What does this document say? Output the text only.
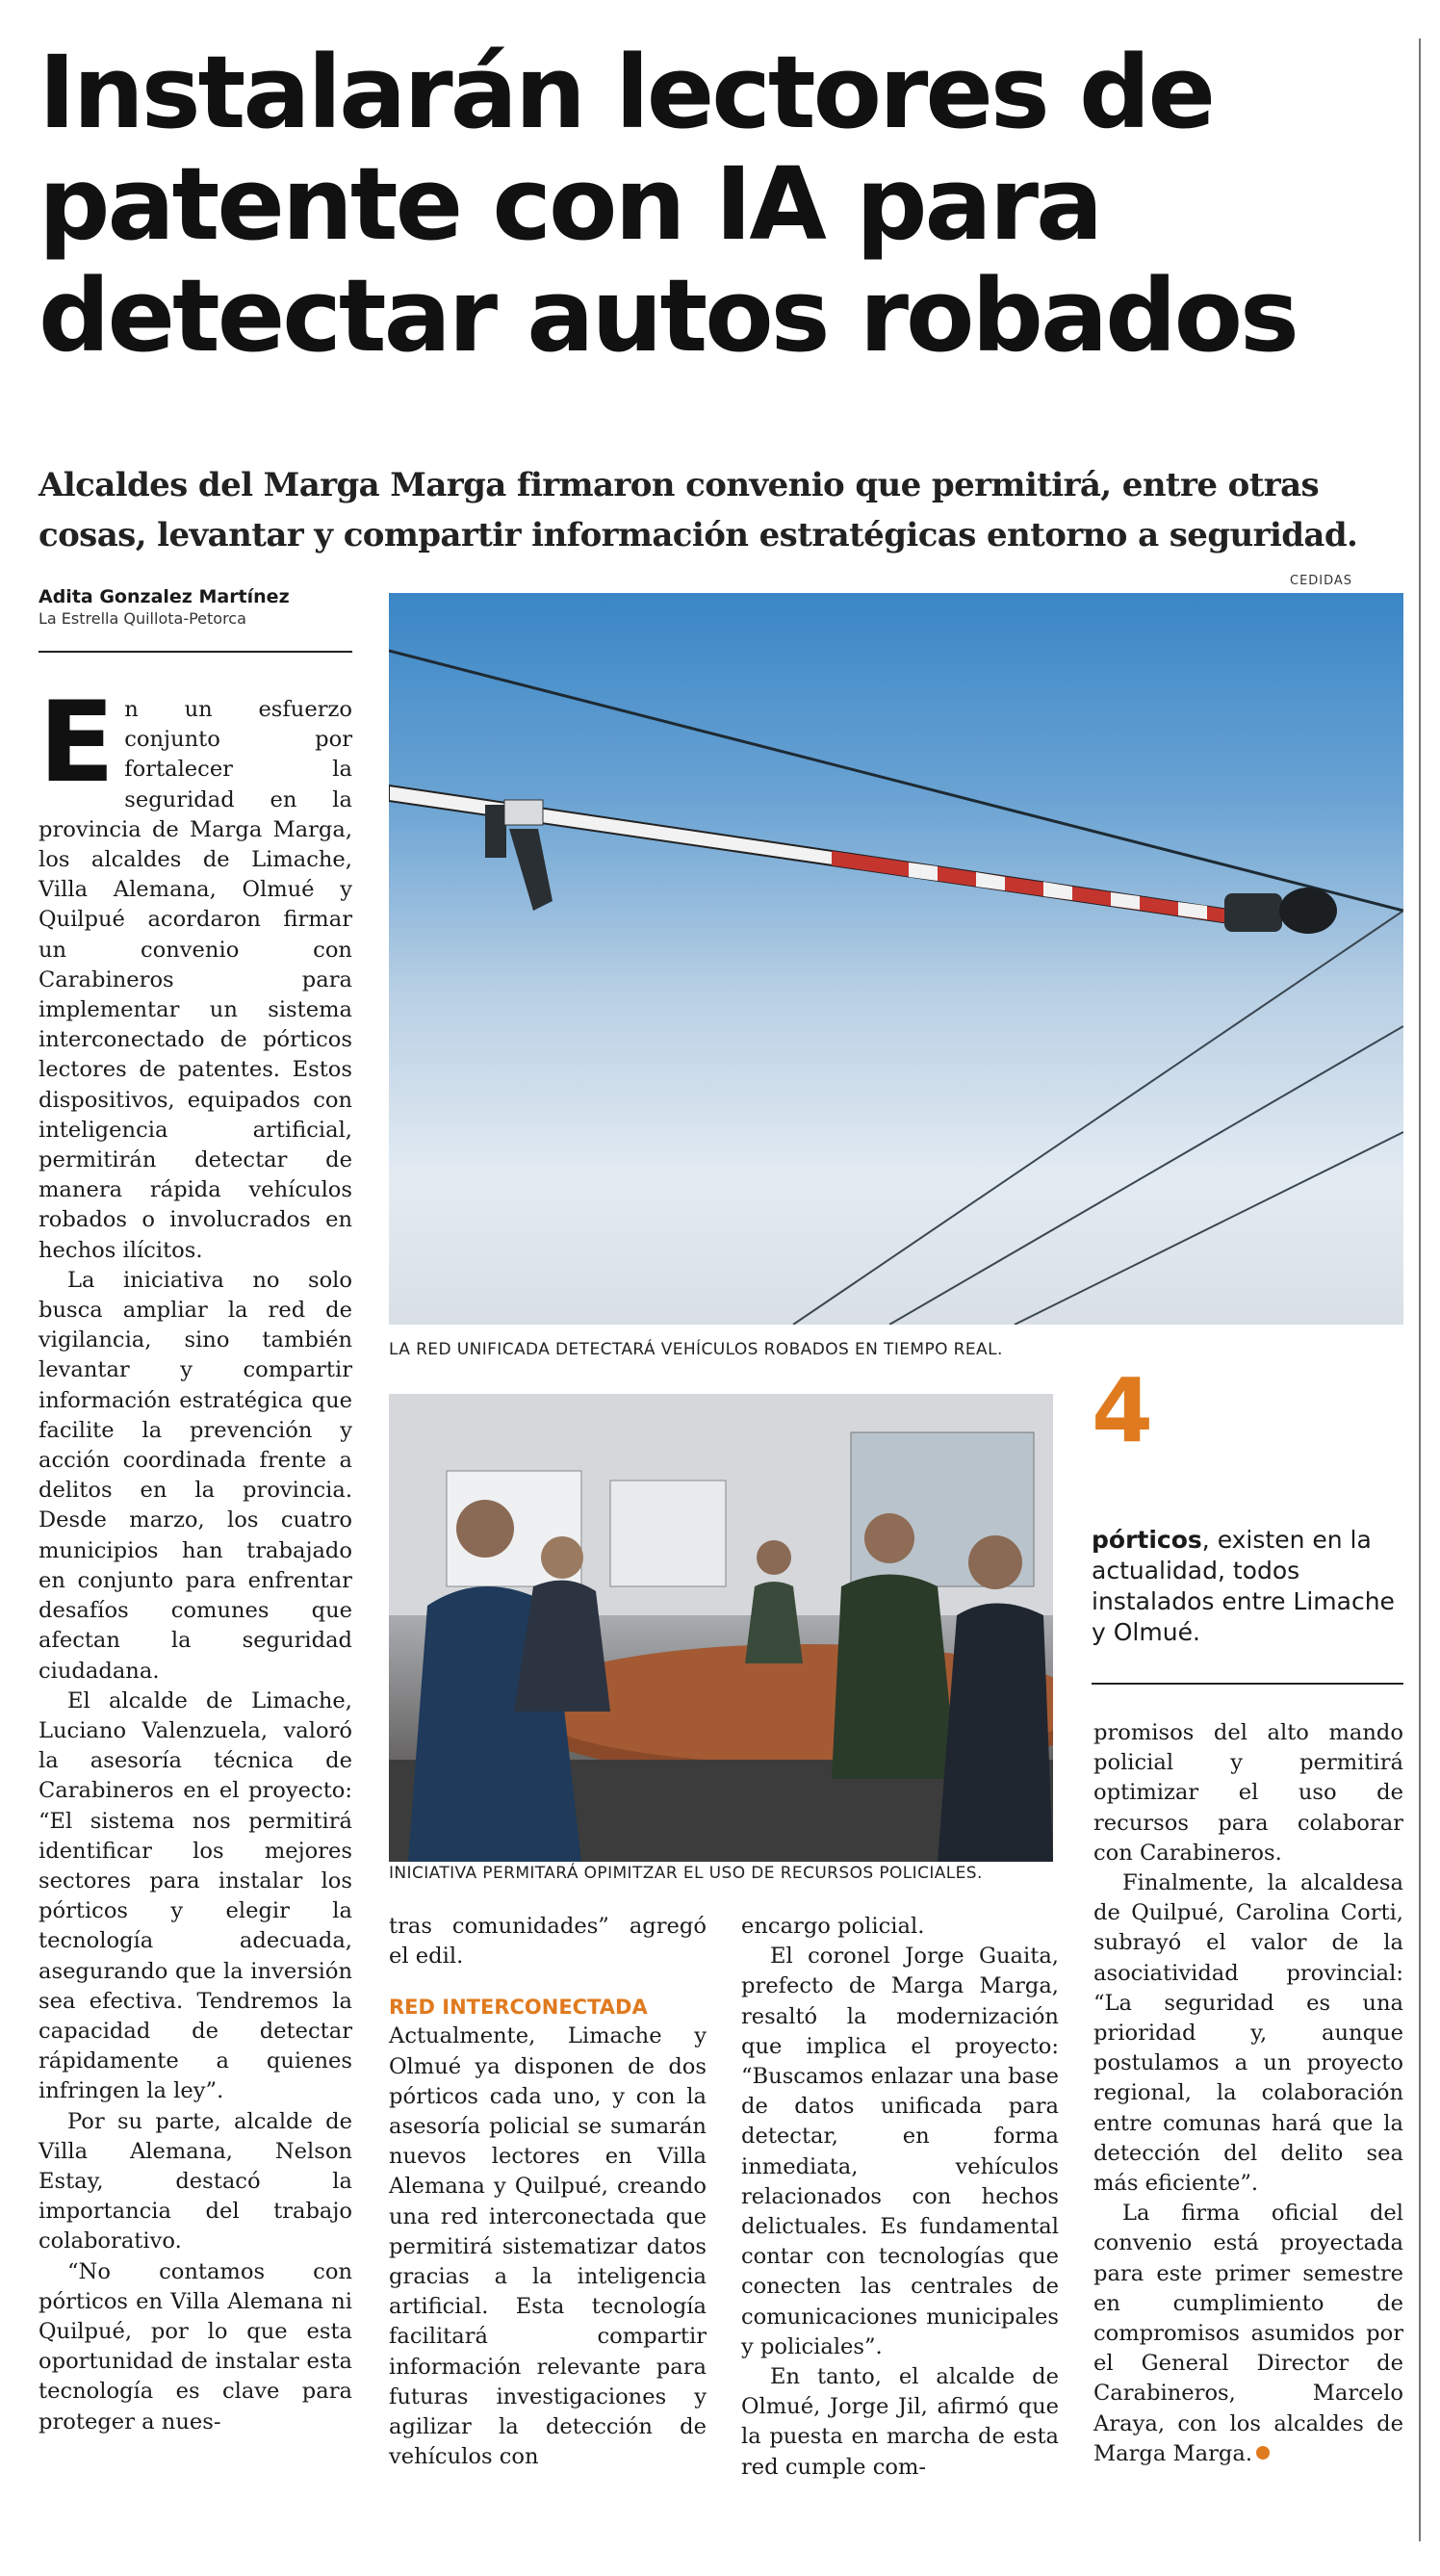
Instalarán lectores de patente con IA para detectar autos robados
Alcaldes del Marga Marga firmaron convenio que permitirá, entre otras cosas, levantar y compartir información estratégicas entorno a seguridad.
Adita Gonzalez Martínez
La Estrella Quillota-Petorca
CEDIDAS
LA RED UNIFICADA DETECTARÁ VEHÍCULOS ROBADOS EN TIEMPO REAL.
INICIATIVA PERMITARÁ OPIMITZAR EL USO DE RECURSOS POLICIALES.
4
pórticos, existen en la actualidad, todos instalados entre Limache y Olmué.

En un esfuerzo conjunto por fortalecer la seguridad en la provincia de Marga Marga, los alcaldes de Limache, Villa Alemana, Olmué y Quilpué acordaron firmar un convenio con Carabineros para implementar un sistema interconectado de pórticos lectores de patentes. Estos dispositivos, equipados con inteligencia artificial, permitirán detectar de manera rápida vehículos robados o involucrados en hechos ilícitos.

La iniciativa no solo busca ampliar la red de vigilancia, sino también levantar y compartir información estratégica que facilite la prevención y acción coordinada frente a delitos en la provincia. Desde marzo, los cuatro municipios han trabajado en conjunto para enfrentar desafíos comunes que afectan la seguridad ciudadana.

El alcalde de Limache, Luciano Valenzuela, valoró la asesoría técnica de Carabineros en el proyecto: “El sistema nos permitirá identificar los mejores sectores para instalar los pórticos y elegir la tecnología adecuada, asegurando que la inversión sea efectiva. Tendremos la capacidad de detectar rápidamente a quienes infringen la ley”.

Por su parte, alcalde de Villa Alemana, Nelson Estay, destacó la importancia del trabajo colaborativo.

“No contamos con pórticos en Villa Alemana ni Quilpué, por lo que esta oportunidad de instalar esta tecnología es clave para proteger a nues-

tras comunidades” agregó el edil.

RED INTERCONECTADA

Actualmente, Limache y Olmué ya disponen de dos pórticos cada uno, y con la asesoría policial se sumarán nuevos lectores en Villa Alemana y Quilpué, creando una red interconectada que permitirá sistematizar datos gracias a la inteligencia artificial. Esta tecnología facilitará compartir información relevante para futuras investigaciones y agilizar la detección de vehículos con

encargo policial.

El coronel Jorge Guaita, prefecto de Marga Marga, resaltó la modernización que implica el proyecto: “Buscamos enlazar una base de datos unificada para detectar, en forma inmediata, vehículos relacionados con hechos delictuales. Es fundamental contar con tecnologías que conecten las centrales de comunicaciones municipales y policiales”.

En tanto, el alcalde de Olmué, Jorge Jil, afirmó que la puesta en marcha de esta red cumple com-

promisos del alto mando policial y permitirá optimizar el uso de recursos para colaborar con Carabineros.

Finalmente, la alcaldesa de Quilpué, Carolina Corti, subrayó el valor de la asociatividad provincial: “La seguridad es una prioridad y, aunque postulamos a un proyecto regional, la colaboración entre comunas hará que la detección del delito sea más eficiente”.

La firma oficial del convenio está proyectada para este primer semestre en cumplimiento de compromisos asumidos por el General Director de Carabineros, Marcelo Araya, con los alcaldes de Marga Marga.
